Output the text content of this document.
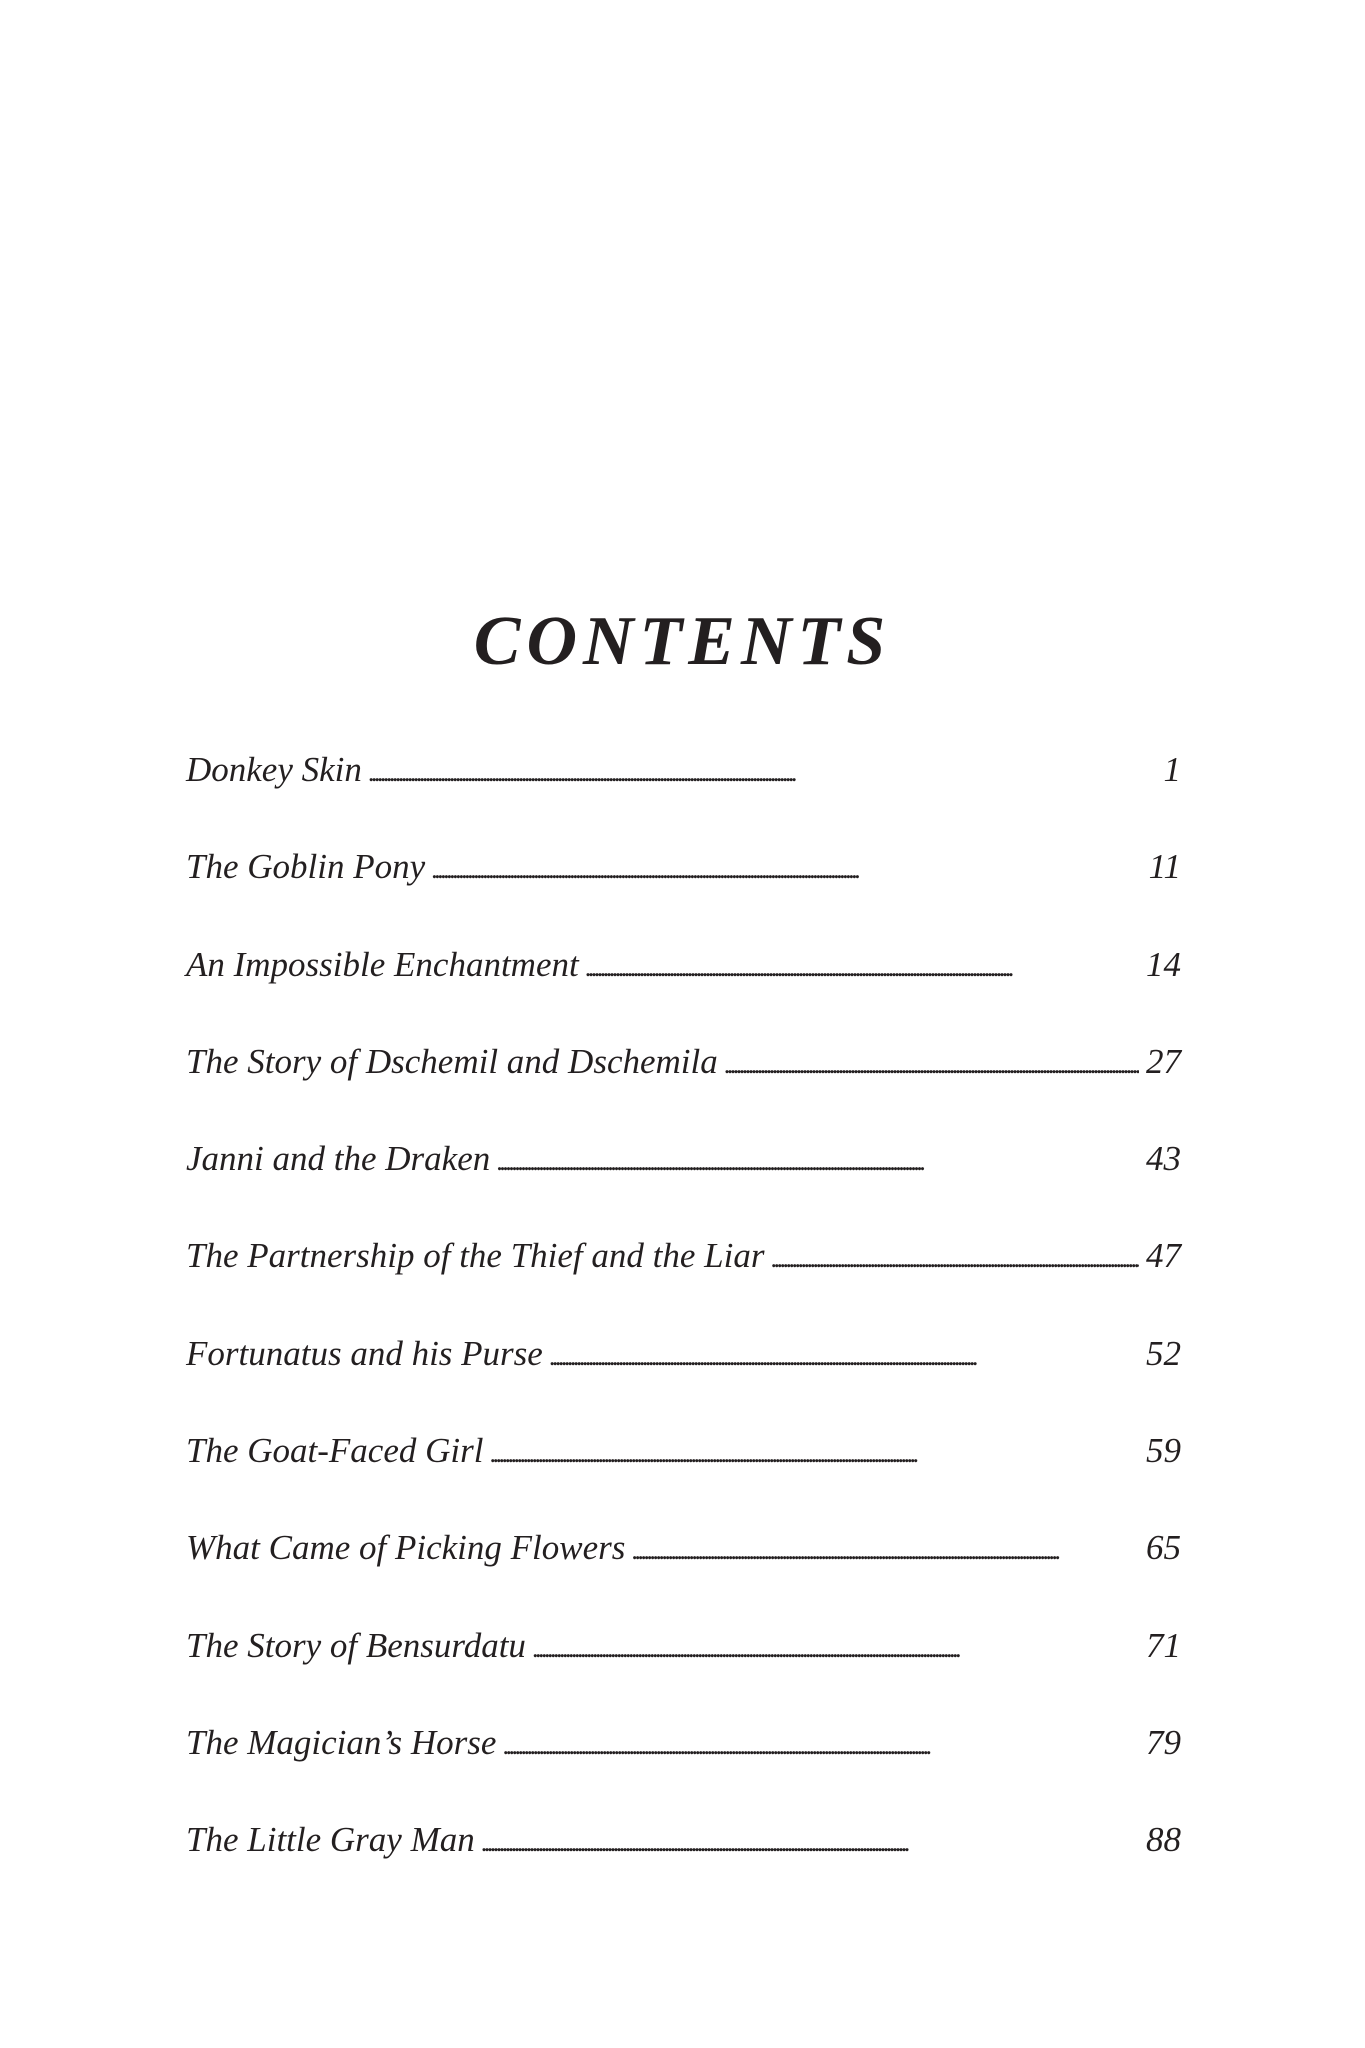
CONTENTS
Donkey Skin . . .	1
The Goblin Pony . . .	11
An Impossible Enchantment . . .	14
The Story of Dschemil and Dschemila . . .	27
Janni and the Draken . . .	43
The Partnership of the Thief and the Liar . . .	47
Fortunatus and his Purse . . .	52
The Goat-Faced Girl . . .	59
What Came of Picking Flowers . . .	65
The Story of Bensurdatu . . .	71
The Magician’s Horse . . .	79
The Little Gray Man . . .	88
